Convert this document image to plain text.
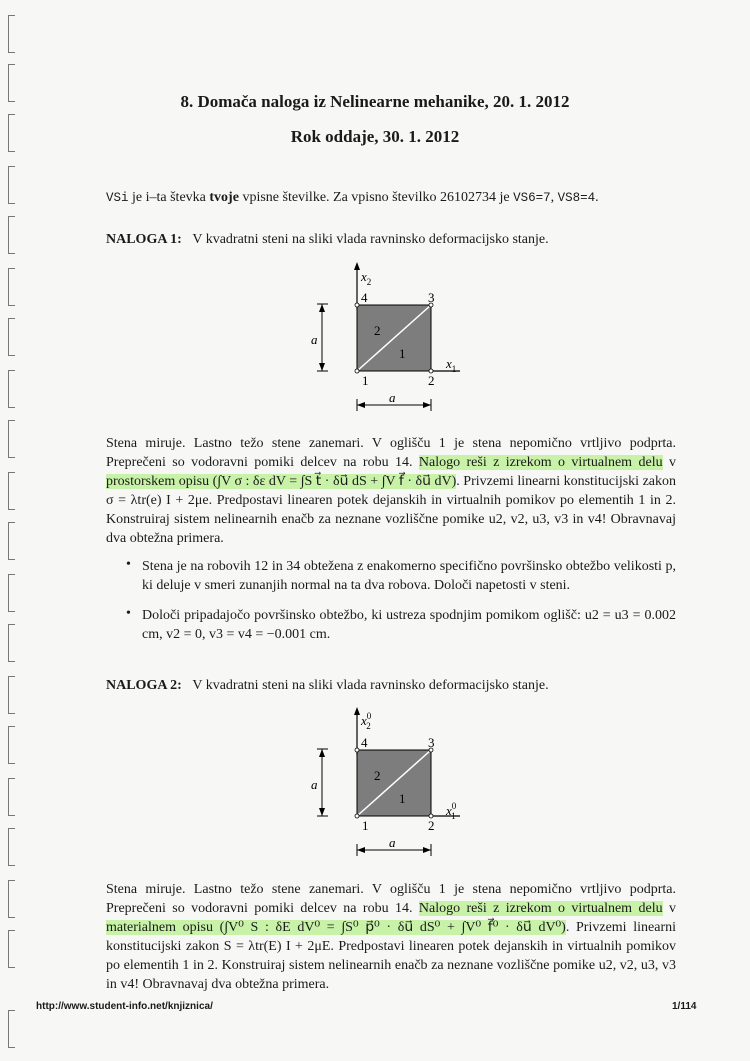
8. Domača naloga iz Nelinearne mehanike, 20. 1. 2012
Rok oddaje, 30. 1. 2012

VSi je i–ta števka tvoje vpisne številke. Za vpisno številko 26102734 je VS6=7, VS8=4.

NALOGA 1: V kvadratni steni na sliki vlada ravninsko deformacijsko stanje.

$x_2$
$x_1$
1	2
3
4
1
2
a
a

Stena miruje. Lastno težo stene zanemari. V oglišču 1 je stena nepomično vrtljivo podprta. Preprečeni so vodoravni pomiki delcev na robu 14. Nalogo reši z izrekom o virtualnem delu v prostorskem opisu (∫V σ : δε dV = ∫S t⃗ · δu⃗ dS + ∫V f⃗ · δu⃗ dV). Privzemi linearni konstitucijski zakon σ = λtr(e) I + 2μe. Predpostavi linearen potek dejanskih in virtualnih pomikov po elementih 1 in 2. Konstruiraj sistem nelinearnih enačb za neznane vozliščne pomike u2, v2, u3, v3 in v4! Obravnavaj dva obtežna primera.

• Stena je na robovih 12 in 34 obtežena z enakomerno specifično površinsko obtežbo velikosti p, ki deluje v smeri zunanjih normal na ta dva robova. Določi napetosti v steni.

• Določi pripadajočo površinsko obtežbo, ki ustreza spodnjim pomikom oglišč: u2 = u3 = 0.002 cm, v2 = 0, v3 = v4 = −0.001 cm.

NALOGA 2: V kvadratni steni na sliki vlada ravninsko deformacijsko stanje.

$x^0$ 2
$x^0$ 1
1	2
3
4
1
2
a
a

Stena miruje. Lastno težo stene zanemari. V oglišču 1 je stena nepomično vrtljivo podprta. Preprečeni so vodoravni pomiki delcev na robu 14. Nalogo reši z izrekom o virtualnem delu v materialnem opisu (∫V⁰ S : δE dV⁰ = ∫S⁰ p⃗⁰ · δu⃗ dS⁰ + ∫V⁰ f⃗⁰ · δu⃗ dV⁰). Privzemi linearni konstitucijski zakon S = λtr(E) I + 2μE. Predpostavi linearen potek dejanskih in virtualnih pomikov po elementih 1 in 2. Konstruiraj sistem nelinearnih enačb za neznane vozliščne pomike u2, v2, u3, v3 in v4! Obravnavaj dva obtežna primera.

http://www.student-info.net/knjiznica/	1/114
